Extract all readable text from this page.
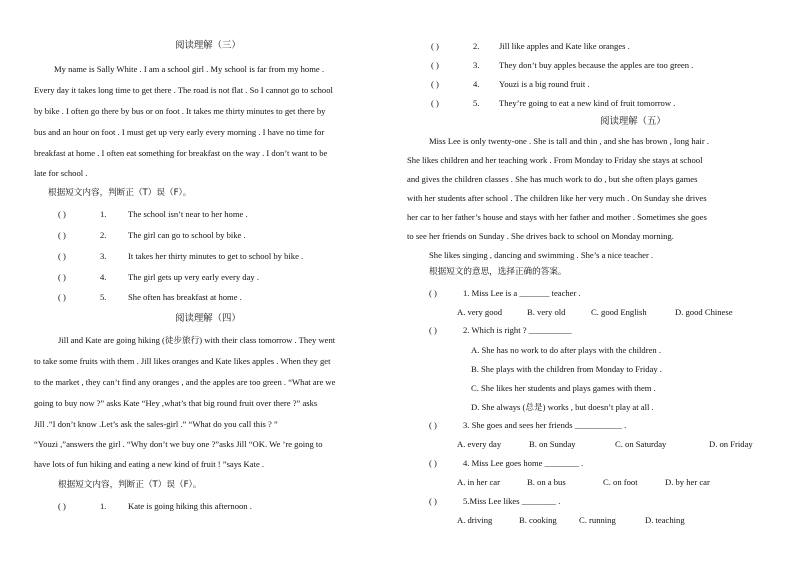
阅读理解（三）
My name is Sally White . I am a school girl . My school is far from my home .
Every day it takes long time to get there . The road is not flat . So I cannot go to school
by bike . I often go there by bus or on foot . It takes me thirty minutes to get there by
bus and an hour on foot . I must get up very early every morning . I have no time for
breakfast at home . I often eat something for breakfast on the way . I don’t want to be
late for school .
根据短文内容，判断正（T）误（F）。
( )	1.	The school isn’t near to her home .
( )	2.	The girl can go to school by bike .
( )	3.	It takes her thirty minutes to get to school by bike .
( )	4.	The girl gets up very early every day .
( )	5.	She often has breakfast at home .
阅读理解（四）
Jill and Kate are going hiking (徒步旅行) with their class tomorrow . They went
to take some fruits with them . Jill likes oranges and Kate likes apples . When they get
to the market , they can’t find any oranges , and the apples are too green . “What are we
going to buy now ?” asks Kate “Hey ,what’s that big round fruit over there ?” asks
Jill .”I don’t know .Let’s ask the sales-girl .” “What do you call this ? ”
“Youzi ,”answers the girl . “Why don’t we buy one ?”asks Jill “OK. We ’re going to
have lots of fun hiking and eating a new kind of fruit ! ”says Kate .
根据短文内容，判断正（T）误（F）。
( )	1.	Kate is going hiking this afternoon .
( )	2. Jill like apples and Kate like oranges .
( )	3. They don’t buy apples because the apples are too green .
( )	4. Youzi is a big round fruit .
( )	5. They’re going to eat a new kind of fruit tomorrow .
阅读理解（五）
Miss Lee is only twenty-one . She is tall and thin , and she has brown , long hair .
She likes children and her teaching work . From Monday to Friday she stays at school
and gives the children classes . She has much work to do , but she often plays games
with her students after school . The children like her very much . On Sunday she drives
her car to her father’s house and stays with her father and mother . Sometimes she goes
to see her friends on Sunday . She drives back to school on Monday morning.
She likes singing , dancing and swimming . She’s a nice teacher .
根据短文的意思，选择正确的答案。
( )	1. Miss Lee is a _______ teacher .
A. very good	B. very old	C. good English	D. good Chinese
( )	2. Which is right ? __________
A. She has no work to do after plays with the children .
B. She plays with the children from Monday to Friday .
C. She likes her students and plays games with them .
D. She always (总是) works , but doesn’t play at all .
( )	3. She goes and sees her friends ___________ .
A. every day	B. on Sunday	C. on Saturday	D. on Friday
( )	4. Miss Lee goes home ________ .
A. in her car	B. on a bus	C. on foot	D. by her car
( )	5.Miss Lee likes ________ .
A. driving	B. cooking	C. running	D. teaching
